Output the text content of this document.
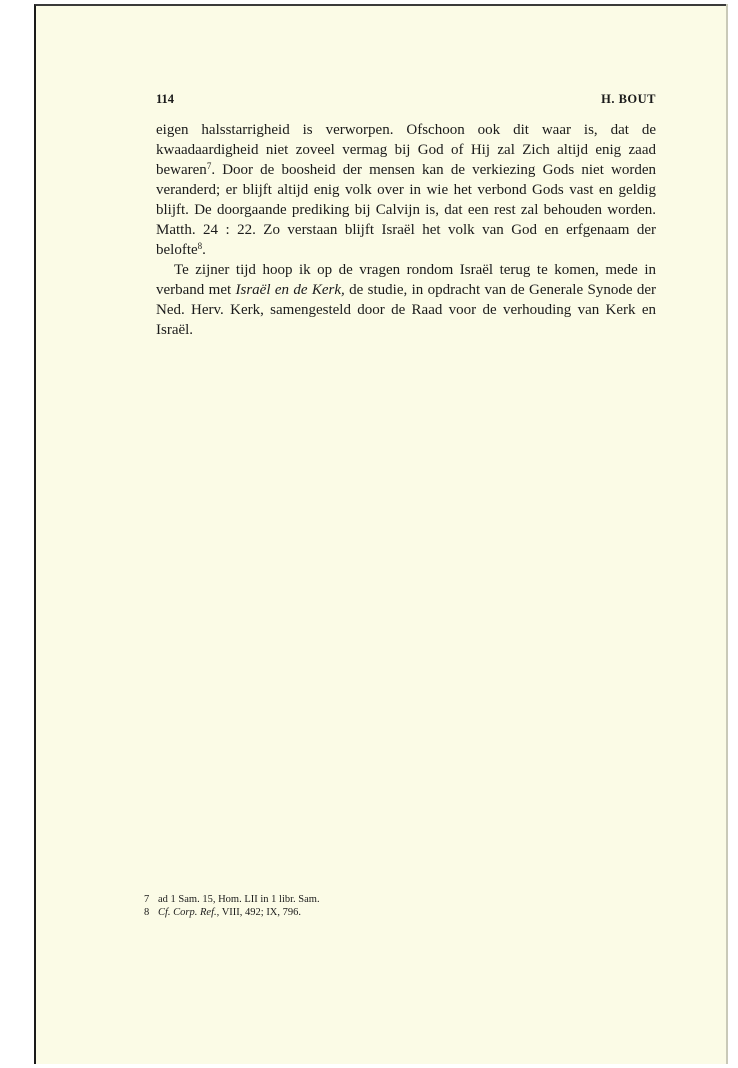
114	H. BOUT

eigen halsstarrigheid is verworpen. Ofschoon ook dit waar is, dat de kwaadaardigheid niet zoveel vermag bij God of Hij zal Zich altijd enig zaad bewaren$^7$. Door de boosheid der mensen kan de verkiezing Gods niet worden veranderd; er blijft altijd enig volk over in wie het verbond Gods vast en geldig blijft. De doorgaande prediking bij Calvijn is, dat een rest zal behouden worden. Matth. 24 : 22. Zo verstaan blijft Israël het volk van God en erfgenaam der belofte$^8$.

Te zijner tijd hoop ik op de vragen rondom Israël terug te komen, mede in verband met Israël en de Kerk, de studie, in opdracht van de Generale Synode der Ned. Herv. Kerk, samengesteld door de Raad voor de verhouding van Kerk en Israël.

7 ad 1 Sam. 15, Hom. LII in 1 libr. Sam.
8 Cf. Corp. Ref., VIII, 492; IX, 796.
